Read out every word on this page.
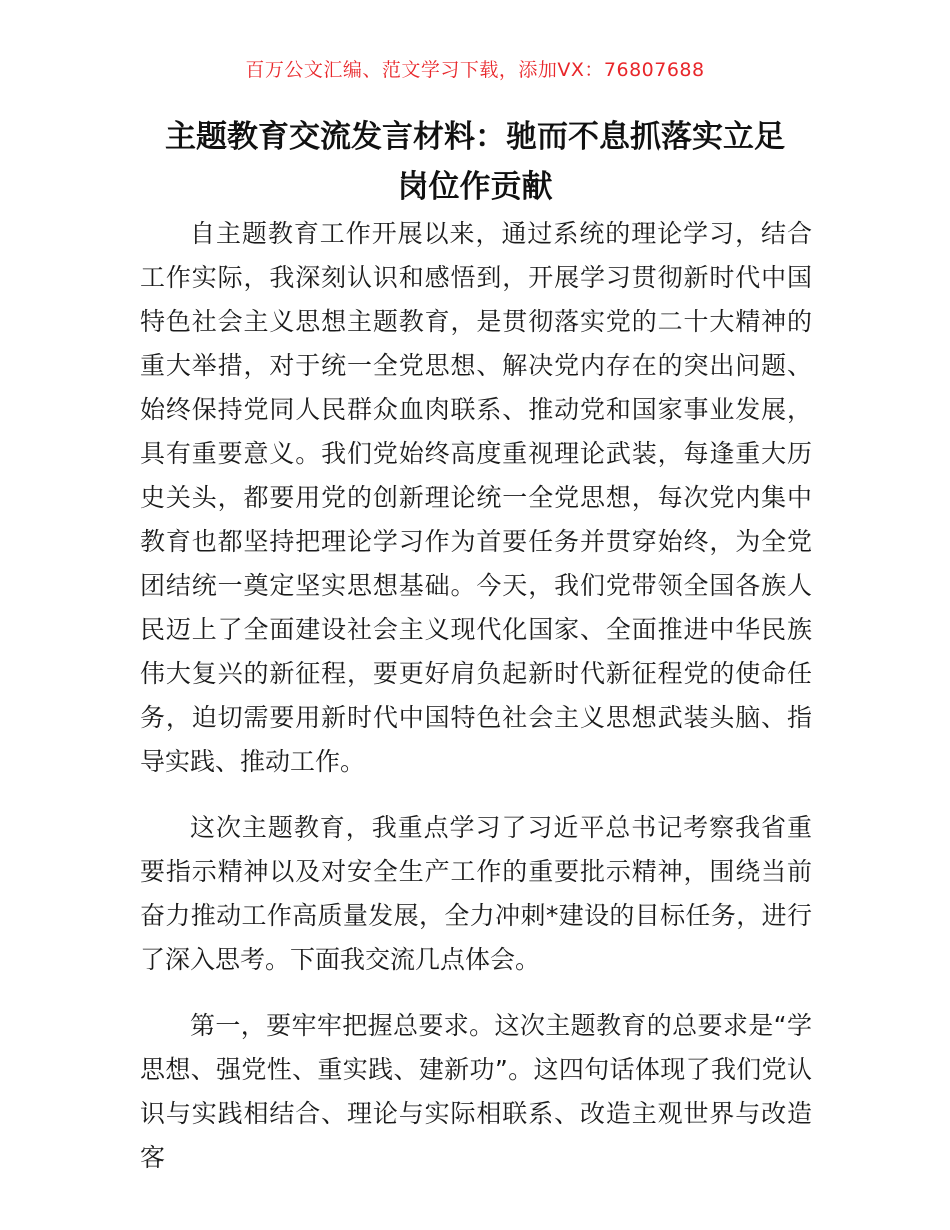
百万公文汇编、范文学习下载，添加VX：76807688
主题教育交流发言材料：驰而不息抓落实立足
岗位作贡献

自主题教育工作开展以来，通过系统的理论学习，结合工作实际，我深刻认识和感悟到，开展学习贯彻新时代中国特色社会主义思想主题教育，是贯彻落实党的二十大精神的重大举措，对于统一全党思想、解决党内存在的突出问题、始终保持党同人民群众血肉联系、推动党和国家事业发展，具有重要意义。我们党始终高度重视理论武装，每逢重大历史关头，都要用党的创新理论统一全党思想，每次党内集中教育也都坚持把理论学习作为首要任务并贯穿始终，为全党团结统一奠定坚实思想基础。今天，我们党带领全国各族人民迈上了全面建设社会主义现代化国家、全面推进中华民族伟大复兴的新征程，要更好肩负起新时代新征程党的使命任务，迫切需要用新时代中国特色社会主义思想武装头脑、指导实践、推动工作。

这次主题教育，我重点学习了习近平总书记考察我省重要指示精神以及对安全生产工作的重要批示精神，围绕当前奋力推动工作高质量发展，全力冲刺*建设的目标任务，进行了深入思考。下面我交流几点体会。

第一，要牢牢把握总要求。这次主题教育的总要求是“学思想、强党性、重实践、建新功”。这四句话体现了我们党认识与实践相结合、理论与实际相联系、改造主观世界与改造客
